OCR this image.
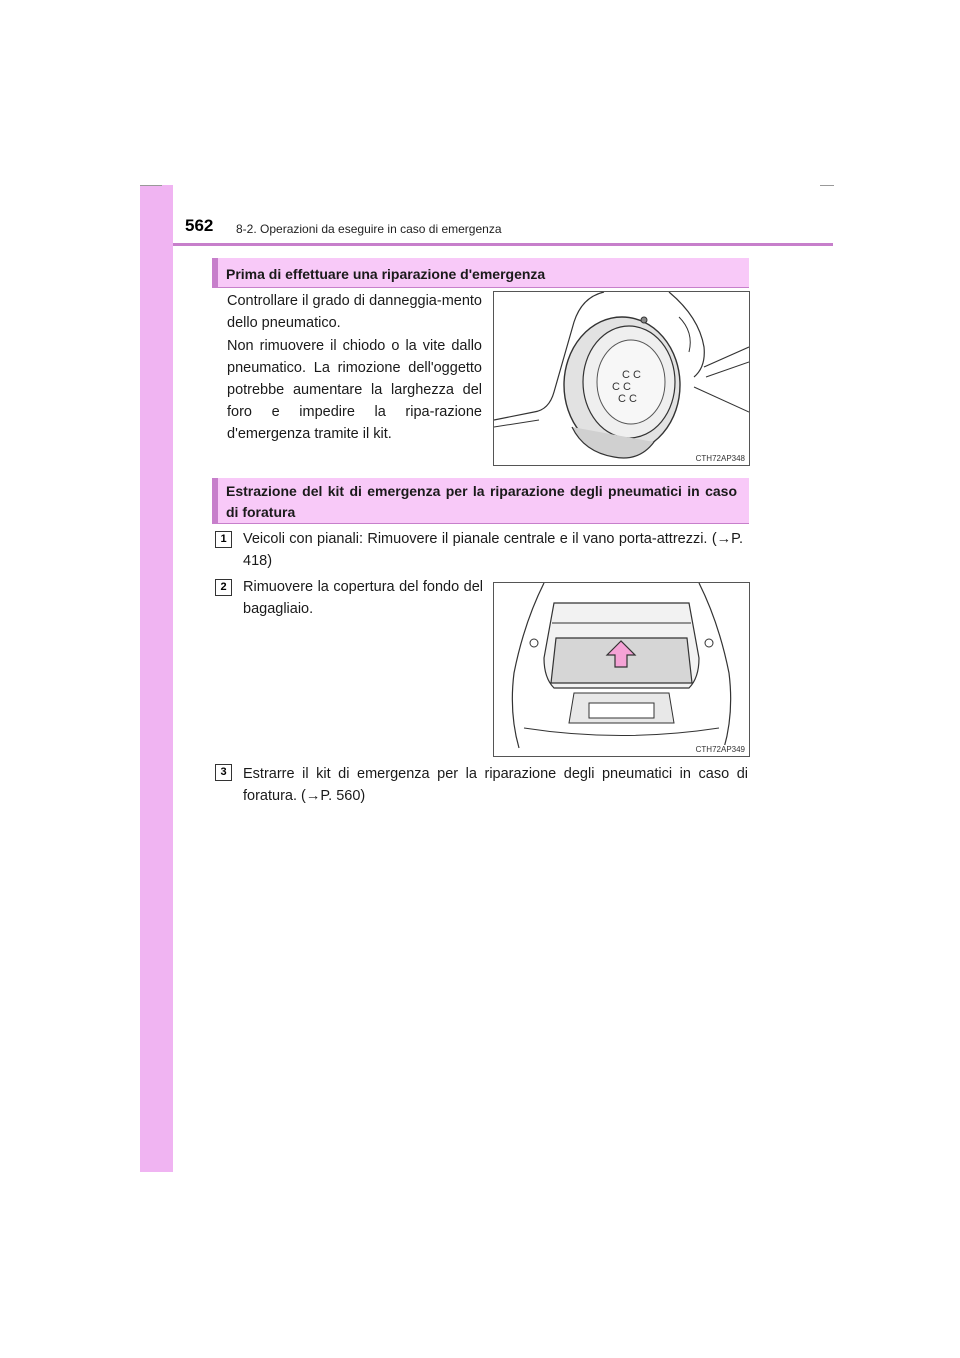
562 8-2. Operazioni da eseguire in caso di emergenza
Prima di effettuare una riparazione d'emergenza

Controllare il grado di danneggia-mento dello pneumatico.

Non rimuovere il chiodo o la vite dallo pneumatico. La rimozione dell'oggetto potrebbe aumentare la larghezza del foro e impedire la ripa-razione d'emergenza tramite il kit.

C C
C C
C C
CTH72AP348
Estrazione del kit di emergenza per la riparazione degli pneumatici in caso di foratura
1	Veicoli con pianali: Rimuovere il pianale centrale e il vano porta-attrezzi. (→P. 418)

2	Rimuovere la copertura del fondo del bagagliaio.

CTH72AP349
3	Estrarre il kit di emergenza per la riparazione degli pneumatici in caso di foratura. (→P. 560)
